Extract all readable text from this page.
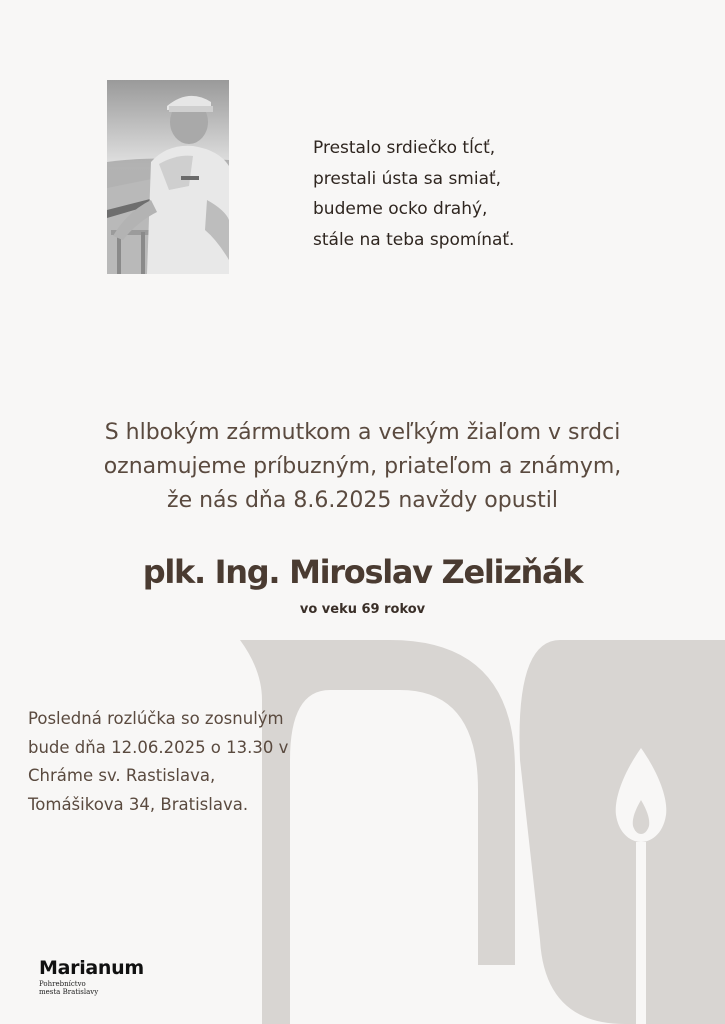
Prestalo srdiečko tĺcť,
prestali ústa sa smiať,
budeme ocko drahý,
stále na teba spomínať.
S hlbokým zármutkom a veľkým žiaľom v srdci
oznamujeme príbuzným, priateľom a známym,
že nás dňa 8.6.2025 navždy opustil
plk. Ing. Miroslav Zelizňák
vo veku 69 rokov
Posledná rozlúčka so zosnulým
bude dňa 12.06.2025 o 13.30 v
Chráme sv. Rastislava,
Tomášikova 34, Bratislava.
Marianum
Pohrebníctvo
mesta Bratislavy
